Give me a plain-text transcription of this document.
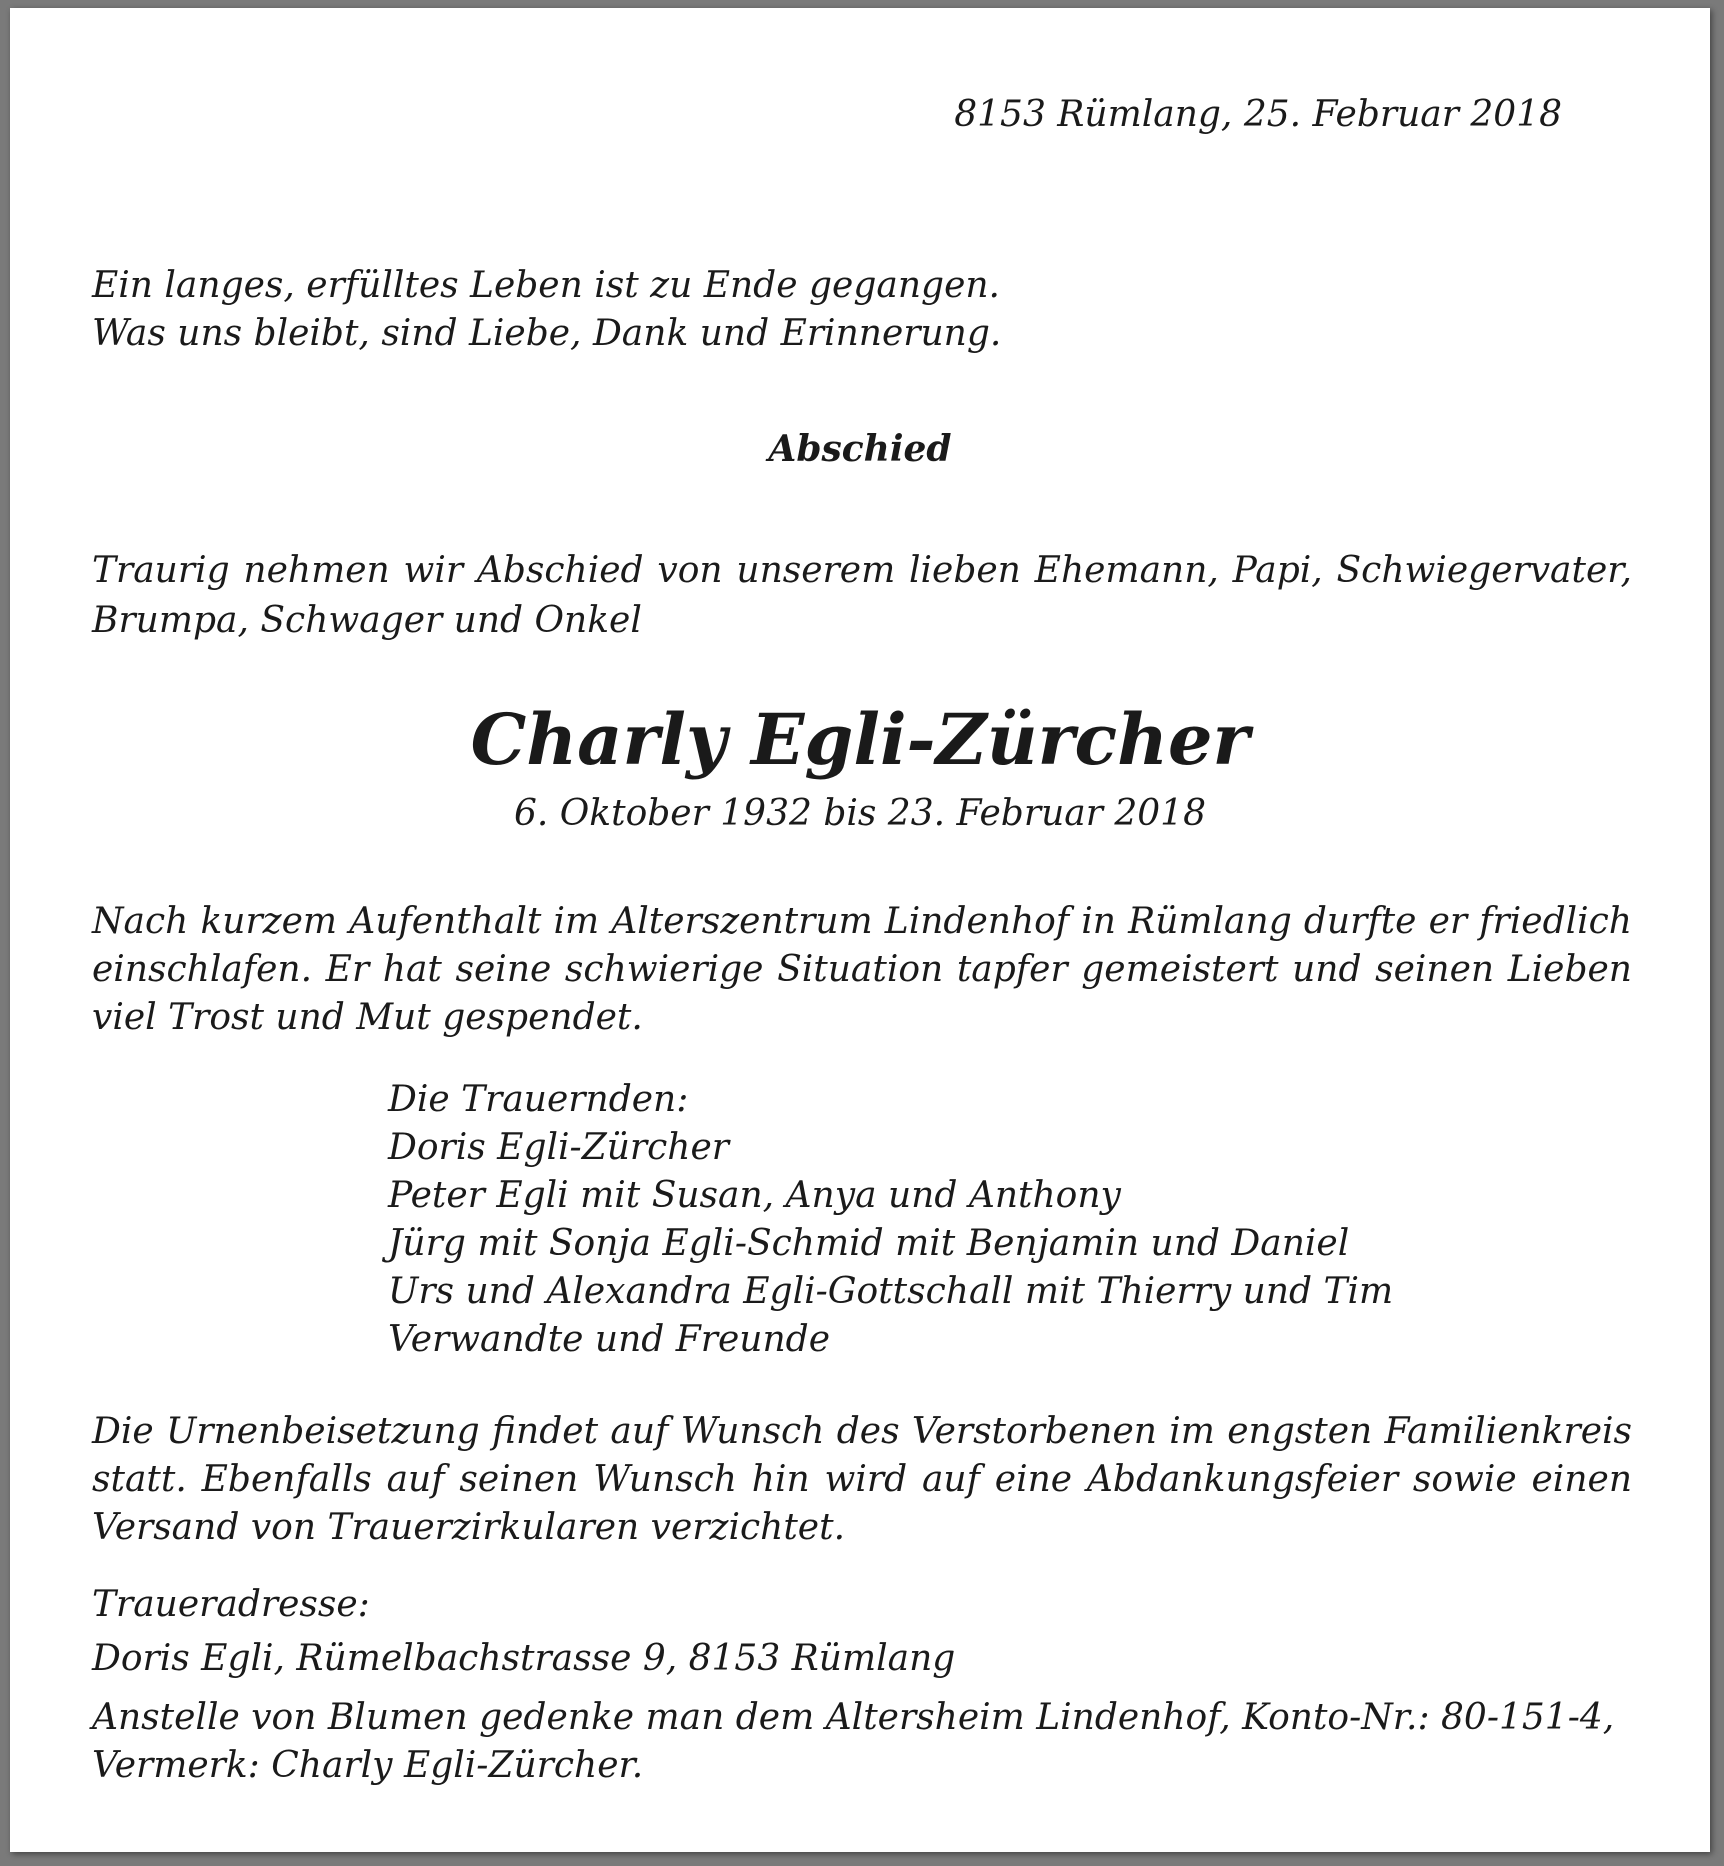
8153 Rümlang, 25. Februar 2018
Ein langes, erfülltes Leben ist zu Ende gegangen.
Was uns bleibt, sind Liebe, Dank und Erinnerung.
Abschied
Traurig nehmen wir Abschied von unserem lieben Ehemann, Papi, Schwiegervater, Brumpa, Schwager und Onkel
Charly Egli-Zürcher
6. Oktober 1932 bis 23. Februar 2018
Nach kurzem Aufenthalt im Alterszentrum Lindenhof in Rümlang durfte er friedlich einschlafen. Er hat seine schwierige Situation tapfer gemeistert und seinen Lieben viel Trost und Mut gespendet.
Die Trauernden:
Doris Egli-Zürcher
Peter Egli mit Susan, Anya und Anthony
Jürg mit Sonja Egli-Schmid mit Benjamin und Daniel
Urs und Alexandra Egli-Gottschall mit Thierry und Tim
Verwandte und Freunde
Die Urnenbeisetzung findet auf Wunsch des Verstorbenen im engsten Familienkreis statt. Ebenfalls auf seinen Wunsch hin wird auf eine Abdankungsfeier sowie einen Versand von Trauerzirkularen verzichtet.
Traueradresse:
Doris Egli, Rümelbachstrasse 9, 8153 Rümlang
Anstelle von Blumen gedenke man dem Altersheim Lindenhof, Konto-Nr.: 80-151-4,
Vermerk: Charly Egli-Zürcher.
